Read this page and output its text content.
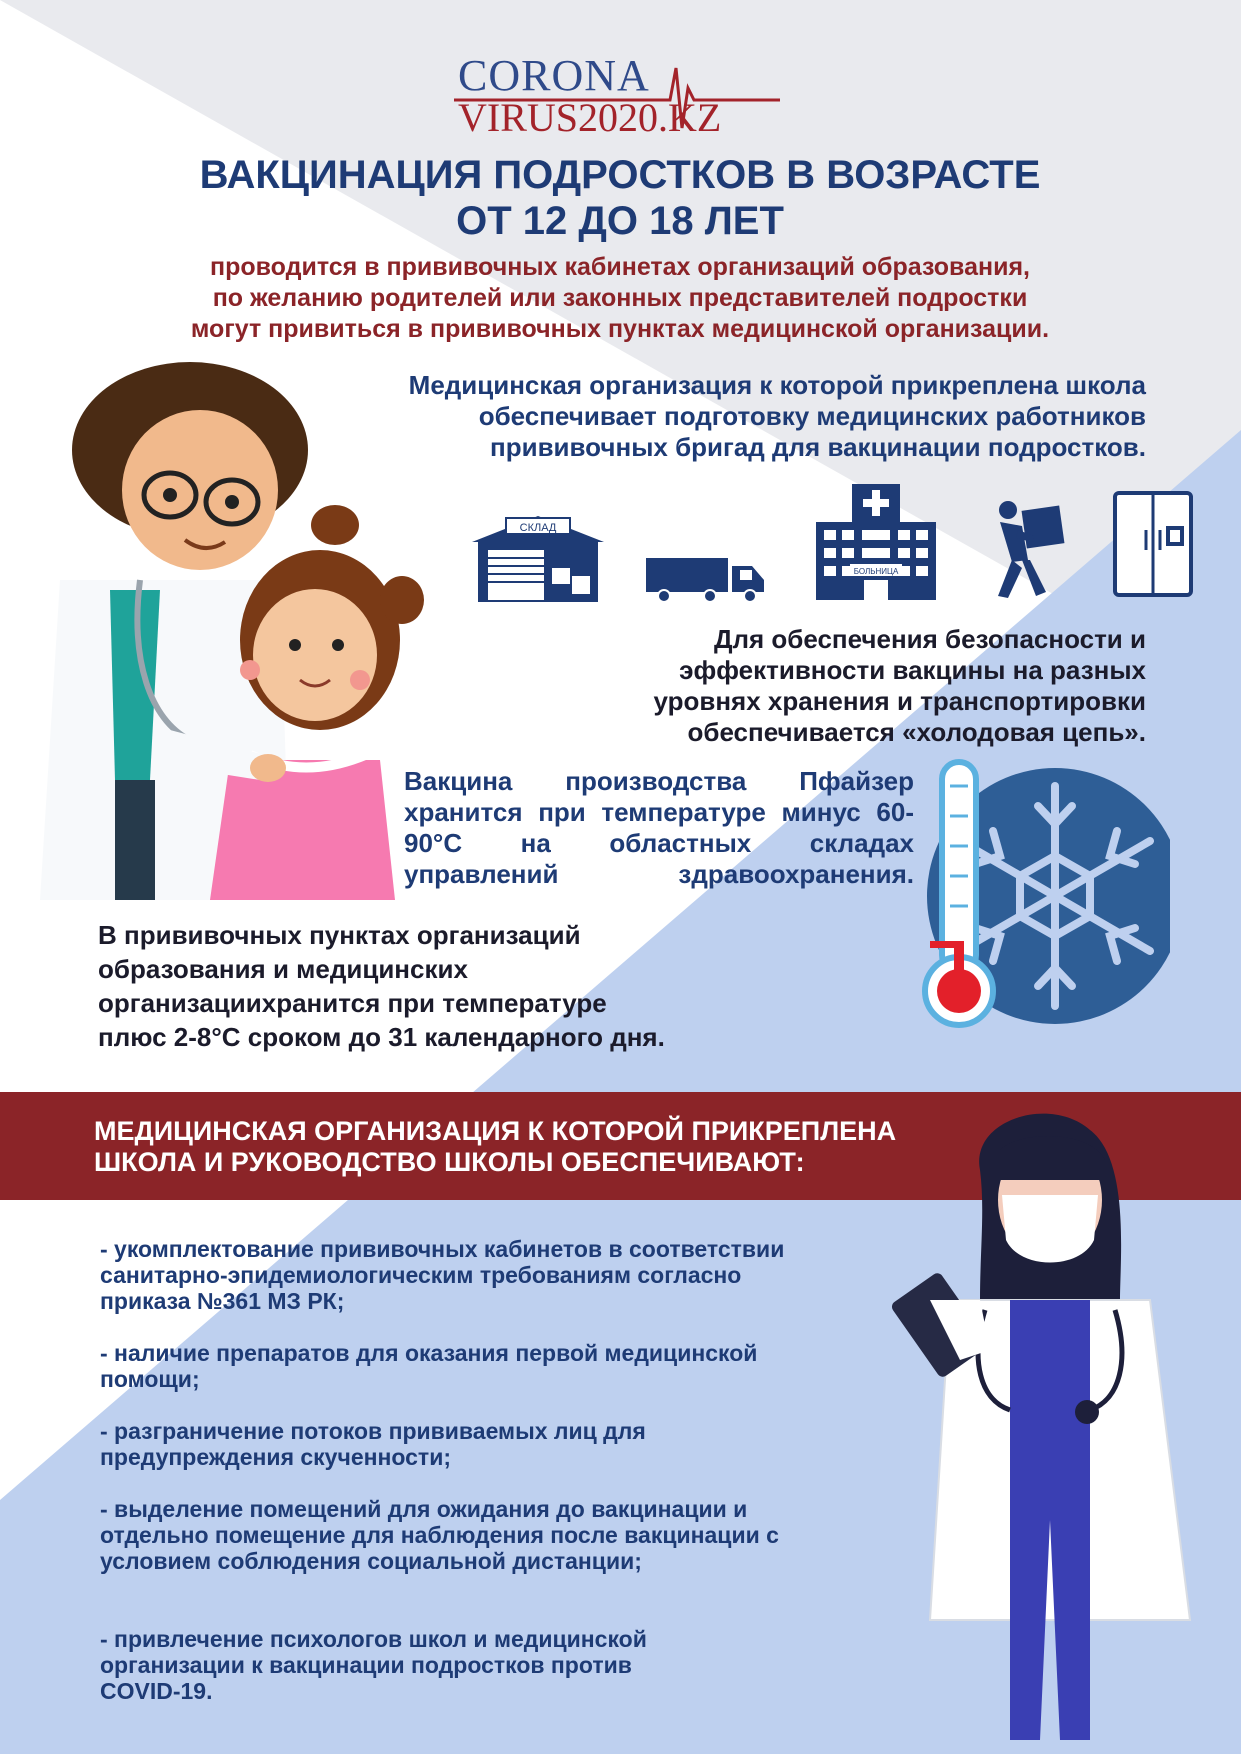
CORONA
VIRUS2020.KZ
ВАКЦИНАЦИЯ ПОДРОСТКОВ В ВОЗРАСТЕ
ОТ 12 ДО 18 ЛЕТ
проводится в прививочных кабинетах организаций образования,
по желанию родителей или законных представителей подростки
могут привиться в прививочных пунктах медицинской организации.
Медицинская организация к которой прикреплена школа
обеспечивает подготовку медицинских работников
прививочных бригад для вакцинации подростков.
СКЛАД
БОЛЬНИЦА
Для обеспечения безопасности и
эффективности вакцины на разных
уровнях хранения и транспортировки
обеспечивается «холодовая цепь».
Вакцина производства Пфайзер хранится при температуре минус 60-90°С на областных складах управлений здравоохранения.
В прививочных пунктах организаций
образования и медицинских
организациихранится при температуре
плюс 2-8°С сроком до 31 календарного дня.
МЕДИЦИНСКАЯ ОРГАНИЗАЦИЯ К КОТОРОЙ ПРИКРЕПЛЕНА
ШКОЛА И РУКОВОДСТВО ШКОЛЫ ОБЕСПЕЧИВАЮТ:
- укомплектование прививочных кабинетов в соответствии
санитарно-эпидемиологическим требованиям согласно
приказа №361 МЗ РК;
- наличие препаратов для оказания первой медицинской
помощи;
- разграничение потоков прививаемых лиц для
предупреждения скученности;
- выделение помещений для ожидания до вакцинации и
отдельно помещение для наблюдения после вакцинации с
условием соблюдения социальной дистанции;
- привлечение психологов школ и медицинской
организации к вакцинации подростков против
COVID-19.
